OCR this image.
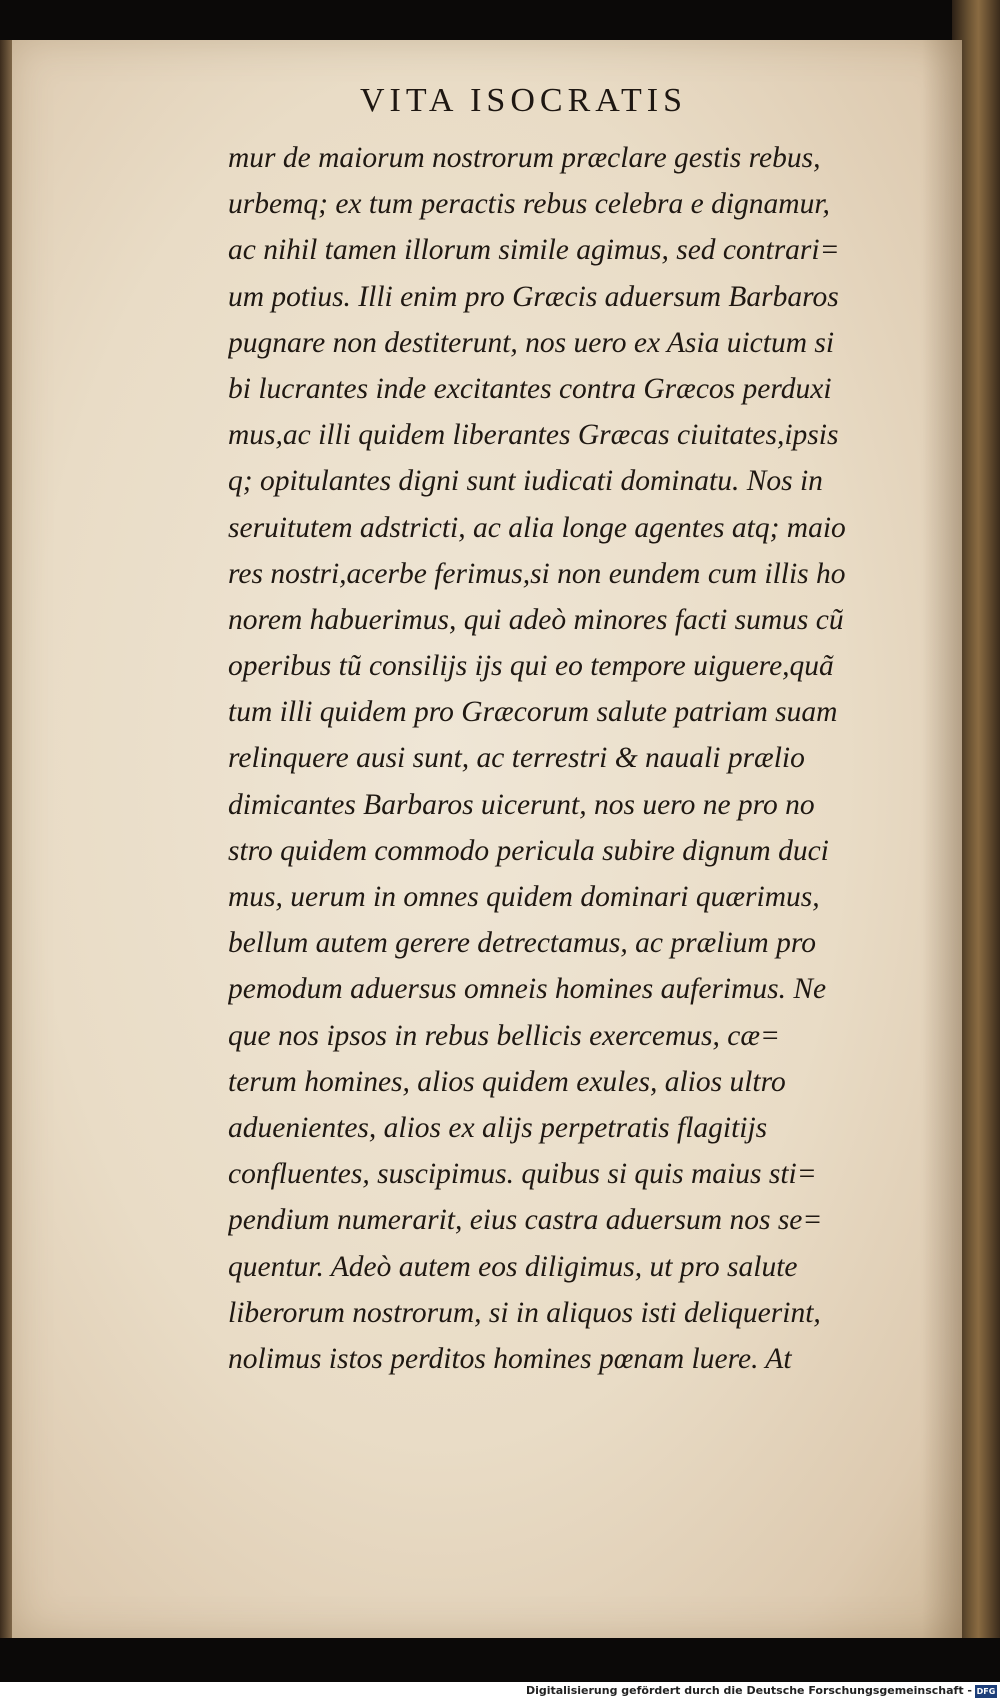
VITA ISOCRATIS
mur de maiorum nostrorum præclare gestis rebus,
urbemq; ex tum peractis rebus celebra e dignamur,
ac nihil tamen illorum simile agimus, sed contrari=
um potius. Illi enim pro Græcis aduersum Barbaros
pugnare non destiterunt, nos uero ex Asia uictum si
bi lucrantes inde excitantes contra Græcos perduxi
mus,ac illi quidem liberantes Græcas ciuitates,ipsis
q; opitulantes digni sunt iudicati dominatu. Nos in
seruitutem adstricti, ac alia longe agentes atq; maio
res nostri,acerbe ferimus,si non eundem cum illis ho
norem habuerimus, qui adeò minores facti sumus cũ
operibus tũ consilijs ijs qui eo tempore uiguere,quã
tum illi quidem pro Græcorum salute patriam suam
relinquere ausi sunt, ac terrestri & nauali prælio
dimicantes Barbaros uicerunt, nos uero ne pro no
stro quidem commodo pericula subire dignum duci
mus, uerum in omnes quidem dominari quærimus,
bellum autem gerere detrectamus, ac prælium pro
pemodum aduersus omneis homines auferimus. Ne
que nos ipsos in rebus bellicis exercemus, cæ=
terum homines, alios quidem exules, alios ultro
aduenientes, alios ex alijs perpetratis flagitijs
confluentes, suscipimus. quibus si quis maius sti=
pendium numerarit, eius castra aduersum nos se=
quentur. Adeò autem eos diligimus, ut pro salute
liberorum nostrorum, si in aliquos isti deliquerint,
nolimus istos perditos homines pœnam luere. At
Digitalisierung gefördert durch die Deutsche Forschungsgemeinschaft - DFG
